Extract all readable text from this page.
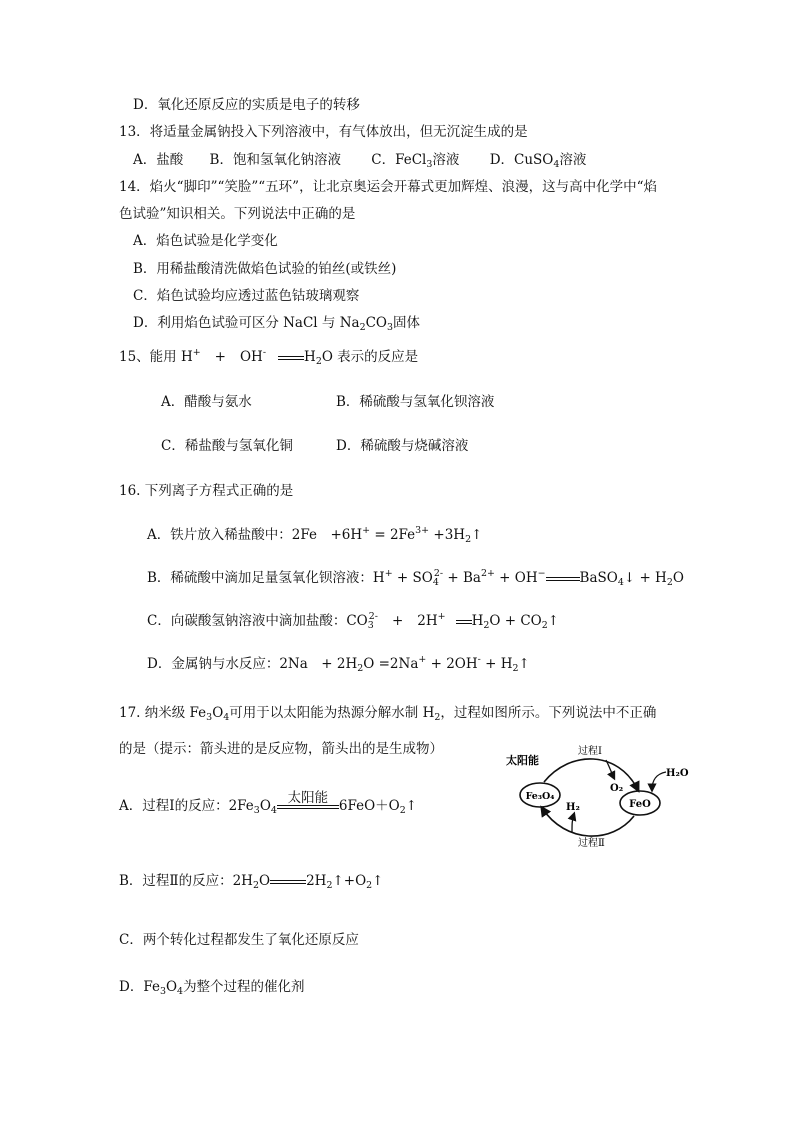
D．氧化还原反应的实质是电子的转移
13．将适量金属钠投入下列溶液中，有气体放出，但无沉淀生成的是
A．盐酸 B．饱和氢氧化钠溶液 C．FeCl$_3$溶液 D．CuSO$_4$溶液
14．焰火“脚印”“笑脸”“五环”，让北京奥运会开幕式更加辉煌、浪漫，这与高中化学中“焰
色试验”知识相关。下列说法中正确的是
A．焰色试验是化学变化
B．用稀盐酸清洗做焰色试验的铂丝(或铁丝)
C．焰色试验均应透过蓝色钴玻璃观察
D．利用焰色试验可区分 NaCl 与 $Na_2CO_3$固体
15、能用 H+ + OH-	$H_2O$ 表示的反应是
A．醋酸与氨水	B．稀硫酸与氢氧化钡溶液
C．稀盐酸与氢氧化铜	D．稀硫酸与烧碱溶液
16. 下列离子方程式正确的是
A．铁片放入稀盐酸中：2Fe　$+6H^+ = 2Fe^{3+}$ $+3H_2↑$
B．稀硫酸中滴加足量氢氧化钡溶液：$H^+ + SO_4^{2-} + Ba^{2+} + OH^-$	BaSO$_4$↓ + $H_2O$
C．向碳酸氢钠溶液中滴加盐酸：$CO_3^{2-} + 2H^+$ $H_2O$ + $CO_2↑$
D．金属钠与水反应：2Na　+ $2H_2O =2Na^+ + 2OH^-$ + $H_2↑$
17. 纳米级 $Fe_3O_4$可用于以太阳能为热源分解水制 $H_2$，过程如图所示。下列说法中不正确
的是（提示：箭头进的是反应物，箭头出的是生成物）
A．过程Ⅰ的反应：$2Fe_3O_4$
太阳能
$6FeO+O_2↑$
B．过程Ⅱ的反应：$2H_2O$	$2H_2↑+O_2↑$
C．两个转化过程都发生了氧化还原反应
D．$Fe_3O_4$为整个过程的催化剂
太阳能
过程Ⅰ
过程Ⅱ
Fe₃O₄
FeO
O₂
H₂O
H₂
